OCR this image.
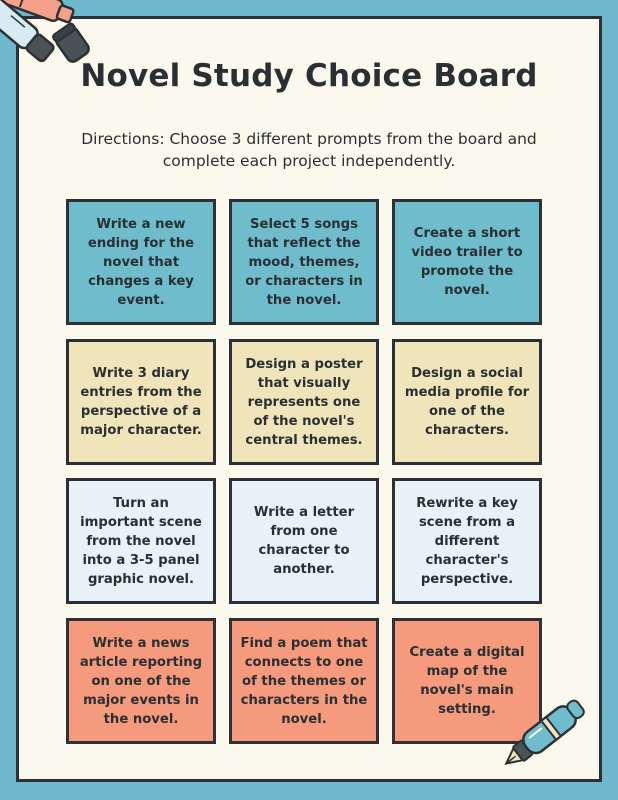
Novel Study Choice Board

Directions: Choose 3 different prompts from the board and complete each project independently.

Write a new ending for the novel that changes a key event.
Select 5 songs that reflect the mood, themes, or characters in the novel.
Create a short video trailer to promote the novel.
Write 3 diary entries from the perspective of a major character.
Design a poster that visually represents one of the novel's central themes.
Design a social media profile for one of the characters.
Turn an important scene from the novel into a 3-5 panel graphic novel.
Write a letter from one character to another.
Rewrite a key scene from a different character's perspective.
Write a news article reporting on one of the major events in the novel.
Find a poem that connects to one of the themes or characters in the novel.
Create a digital map of the novel's main setting.
